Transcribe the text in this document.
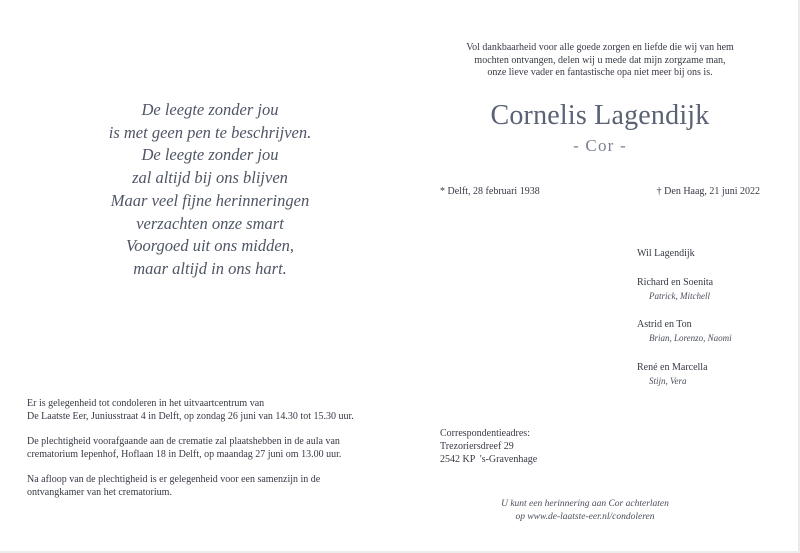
De leegte zonder jou
is met geen pen te beschrijven.
De leegte zonder jou
zal altijd bij ons blijven
Maar veel fijne herinneringen
verzachten onze smart
Voorgoed uit ons midden,
maar altijd in ons hart.

Er is gelegenheid tot condoleren in het uitvaartcentrum van
De Laatste Eer, Juniusstraat 4 in Delft, op zondag 26 juni van 14.30 tot 15.30 uur.

De plechtigheid voorafgaande aan de crematie zal plaatshebben in de aula van
crematorium Iepenhof, Hoflaan 18 in Delft, op maandag 27 juni om 13.00 uur.

Na afloop van de plechtigheid is er gelegenheid voor een samenzijn in de
ontvangkamer van het crematorium.

Vol dankbaarheid voor alle goede zorgen en liefde die wij van hem
mochten ontvangen, delen wij u mede dat mijn zorgzame man,
onze lieve vader en fantastische opa niet meer bij ons is.
Cornelis Lagendijk
- Cor -
* Delft, 28 februari 1938	† Den Haag, 21 juni 2022
Wil Lagendijk
Richard en Soenita
Patrick, Mitchell
Astrid en Ton
Brian, Lorenzo, Naomi
René en Marcella
Stijn, Vera
Correspondentieadres:
Trezoriersdreef 29
2542 KP  's-Gravenhage
U kunt een herinnering aan Cor achterlaten
op www.de-laatste-eer.nl/condoleren
